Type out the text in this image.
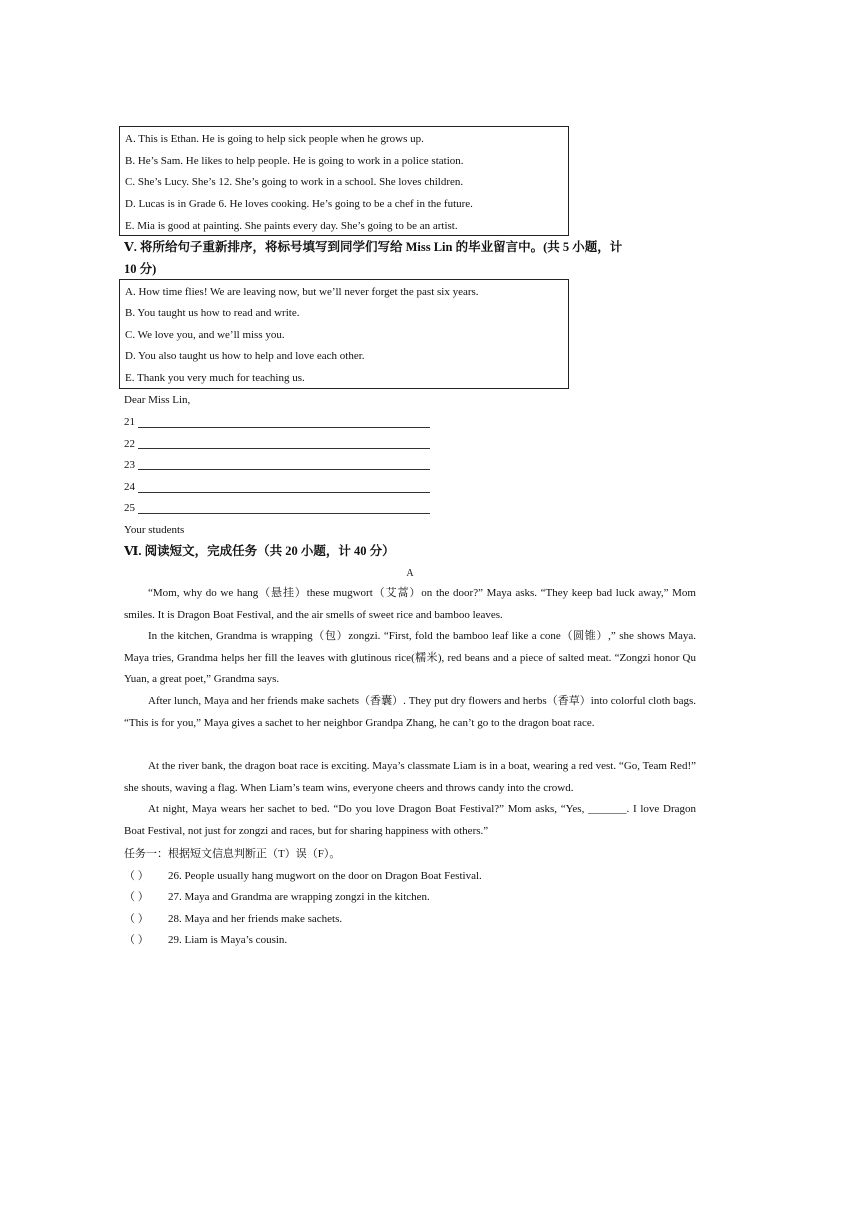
A. This is Ethan. He is going to help sick people when he grows up.
B. He’s Sam. He likes to help people. He is going to work in a police station.
C. She’s Lucy. She’s 12. She’s going to work in a school. She loves children.
D. Lucas is in Grade 6. He loves cooking. He’s going to be a chef in the future.
E. Mia is good at painting. She paints every day. She’s going to be an artist.
Ⅴ. 将所给句子重新排序，将标号填写到同学们写给 Miss Lin 的毕业留言中。(共 5 小题，计
10 分)
A. How time flies! We are leaving now, but we’ll never forget the past six years.
B. You taught us how to read and write.
C. We love you, and we’ll miss you.
D. You also taught us how to help and love each other.
E. Thank you very much for teaching us.
Dear Miss Lin,
21
22
23
24
25
Your students
Ⅵ. 阅读短文，完成任务（共 20 小题，计 40 分）
A
“Mom, why do we hang（悬挂）these mugwort（艾蒿）on the door?” Maya asks. “They keep bad luck away,” Mom smiles. It is Dragon Boat Festival, and the air smells of sweet rice and bamboo leaves.
In the kitchen, Grandma is wrapping（包）zongzi. “First, fold the bamboo leaf like a cone（圆锥）,” she shows Maya. Maya tries, Grandma helps her fill the leaves with glutinous rice(糯米), red beans and a piece of salted meat. “Zongzi honor Qu Yuan, a great poet,” Grandma says.
After lunch, Maya and her friends make sachets（香囊）. They put dry flowers and herbs（香草）into colorful cloth bags. “This is for you,” Maya gives a sachet to her neighbor Grandpa Zhang, he can’t go to the dragon boat race.
At the river bank, the dragon boat race is exciting. Maya’s classmate Liam is in a boat, wearing a red vest. “Go, Team Red!” she shouts, waving a flag. When Liam’s team wins, everyone cheers and throws candy into the crowd.
At night, Maya wears her sachet to bed. “Do you love Dragon Boat Festival?” Mom asks, “Yes, _______. I love Dragon Boat Festival, not just for zongzi and races, but for sharing happiness with others.”
任务一：根据短文信息判断正（T）误（F）。
（ ） 26. People usually hang mugwort on the door on Dragon Boat Festival.
（ ） 27. Maya and Grandma are wrapping zongzi in the kitchen.
（ ） 28. Maya and her friends make sachets.
（ ） 29. Liam is Maya’s cousin.
